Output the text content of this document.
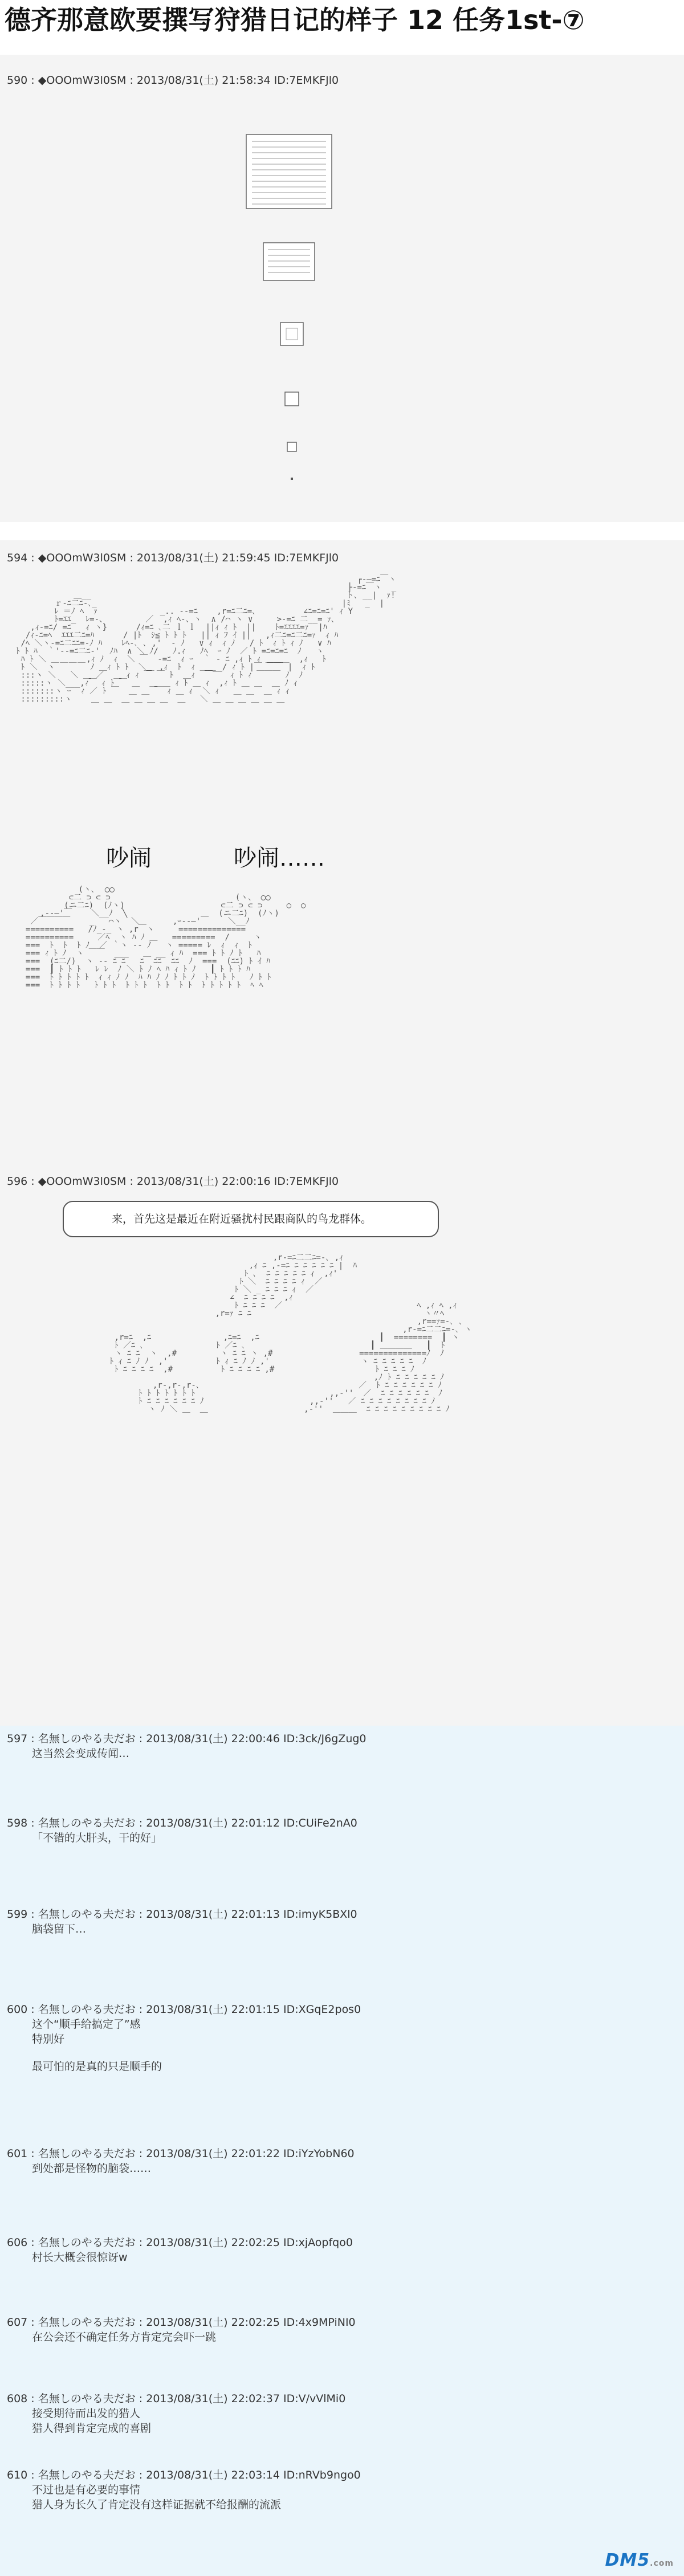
德齐那意欧要撰写狩猎日记的样子 12 任务1st-⑦
590 : ◆OOOmW3l0SM : 2013/08/31(土) 21:58:34 ID:7EMKFJl0
594 : ◆OOOmW3l0SM : 2013/08/31(土) 21:59:45 ID:7EMKFJl0
┌-―=ﾆ￣ヽ
├-=ﾆ￣ヽ  _
＿__                                                     ト､ __|  ｧ!
ｒ-ﾆ二ﾆ-､_                                                   |ﾐ   _  |
ﾚ ＝ﾉ ﾍ  ｧ             _.. -‐=ﾆ    ,r=ﾆ二ﾆ=、         ∠ﾆ=ﾆ=ﾆ' ｨ Y
ﾄ=ｴｴ_  ﾚ=-、        ／  ,ｨ ﾍ‐、ヽ  ∧ /⌒ ヽ ∨     >-=ﾆ 二__= ｧ､
,ｨ-=ﾆ/ =ﾆ   ｨ ヽ}      /ｨ=ﾆ ､二 ｌ ｌ  ||ｨ ｨ ﾄ  ||    ﾄ=ｴｴｴｴ=ｧ  |ﾊ
/ｨ-ﾆ=ﾍ  ｴｴｴ二ﾆ=ﾊ      / |ﾄ  ｼ≦ ﾄ ﾄ ﾄ   || ｨ ﾌ ｲ ||   ,ｨ二ﾆ=ﾆ二ﾆ=ｧ  ｨ ﾊ
/ﾍ ＼ヽ-=ﾆ二ﾆﾆ=-ﾉ ﾊ    ﾚﾍ-､ ､ ,'  ‐ ﾉ   ∨ ｨ  ｨ ﾉ   / ﾄ  ｨ ﾄ ｨ ﾉ   ∨ ﾊ
ﾄ ﾄ ﾊ  ｀'‐-=ﾆ二ﾆ-'  ﾉﾊ  ∧ ＼ ﾉ/   ﾉ.ｨ   ﾉﾍ  ｰ ﾉ  ／ ﾄ =ﾆ=ﾆ=ﾆ  ﾉ   ヽ
ﾊ ﾄ ＼ ＿  ＿  ,ｨ ﾉ  ｨ  ＼ ￣  -=ﾆ  ｨ ｰ  ｀ - ﾆ ,ｨ ﾄ ｨ ＿＿＿  ,ｨ   ﾄ
ﾄ ＼  ヽ ￣  ￣ ﾉ ＿ｨ ﾄ ﾄ  ＼＿ ,ｨ  ﾄ  ｨ  ＿__/ ｨ ﾄ |￣ ￣￣ |  ｨ ﾄ
:::ヽ ＼   ＼ ＿ ／  ＿ ｨ ｨ ￣ ￣ ﾄ  ＿ｨ ￣￣   ｨ ﾄ ｨ ￣￣￣ ﾉ  ﾉ
:::::ヽ ＼___,ｨ￣ ｨ ﾄ ￣ ＿  ＿ ＿ ｨ ﾄ ＿ ｨ  ,ｨ ﾄ ＿ ＿  ＿ ﾉ ｨ
:::::::ヽ ｰ  ｨ ／ ﾄ ￣  ＿ ＿ ￣ ｨ ＿ ｨ  ＼ ｨ   ＿ ＿  ＿ ｨ ｨ
:::::::::ヽ    ＿ ＿  ＿ ＿ ＿ ＿  ＿   ＼ ＿ ＿ ＿ ＿ ＿ ＿

吵闹	吵闹……
(ヽ､  ◯◯
⊂二 ⊃ ⊂ ⊃                          (ヽ、 ◯◯
(ニ二ﾆ)  (ﾉヽ)                    ⊂二 ⊃ ⊂ ⊃     ○  ○
,--―'￣    ＼__ﾉ  ╲                   (ニ二ﾆ)  (ﾉヽ)
／￣￣￣￣    _   ⌒ヽ  ＼       ,ｰ‐-―'￣    ＼__ﾉ
==========   /ﾉ_-_ ヽ ,r￣ヽ     ==============
==========     ／ﾍ  ヽ ﾊ ﾉ ＿   =========  /     ヽ
===  ﾄ  ﾄ  ﾄ ﾉ  ／ ｀ヽ -‐ ﾉ   ヽ ===== ﾚ  ｨ  ｨ  ﾄ
=== ｨ ﾄ ﾉ  ヽ ￣￣  ___   ＿ __ ｨ ﾊ  === ﾄ ﾄ ﾉ ﾄ   ﾊ
===  (ﾆ二/)  ヽ -‐ ﾆ ﾆ   ﾆ  ﾆﾆ  ﾆﾆ  ﾉ  ===  (ﾆﾆ) ﾄ ｲ ﾊ
===  ┃ ﾄ ﾄ ﾄ   ﾚ ﾚ  ﾉ ＼ ﾄ ﾉ ﾍ ﾊ ｨ ﾄ ﾉ   ┃ ﾄ ﾄ ﾄ ﾊ
===  ﾄ ﾄ ﾄ ﾄ ﾄ  ｨ ｨ ﾉ ﾉ  ﾊ ﾊ ﾉ ﾉ ﾄ ﾄ ﾉ  ﾄ ﾄ ﾄ ﾄ   ﾉ ﾄ ﾄ
===  ﾄ ﾄ ﾄ ﾄ   ﾄ ﾄ ﾄ  ﾄ ﾄ ﾄ  ﾄ ﾄ  ﾄ ﾄ  ﾄ ﾄ ﾄ ﾄ ﾄ  ﾍ ﾍ
596 : ◆OOOmW3l0SM : 2013/08/31(土) 22:00:16 ID:7EMKFJl0
来，首先这是最近在附近骚扰村民跟商队的鸟龙群体。
,r-=ﾆ二二ﾆ=-､ ,ｨ
,ｨ ﾆ ,-=ﾆ ﾆ ﾆ ﾆ ﾆ ﾆ |  ﾊ
ﾄ ､  ﾆ ﾆ ﾆ ﾆ ﾆ ｨ  ,ｨ'
ﾄ ＼  ﾆ ﾆ ﾆ ﾆ ｨ  ／
ﾄ ＼ _ ﾆ ﾆ ﾆ ｨ  ／
∠  ﾆ ﾆ ﾆ ﾆ  ,ｨ
ﾄ ﾆ ﾆ ﾆ  ／                            ﾍ ,ｨ ﾍ ,ｨ
,r=ｧ ﾆ ﾆ                                    ヽ〃ﾍ
,r==ｧ=-､ ､
,r-=ﾆ二二ﾆ=-､ ヽ
,r=ﾆ  ,ﾆ               ,ﾆ=ﾆ  ,ﾆ                         ┃  ========  ┃ ヽ
ﾄ ／ﾆ ､               ﾄ ／ﾆ ､                          ┃ ＿＿＿＿   ┃  ﾄ
ヽ ﾆ ﾆ  ヽ  ,#         ヽ ﾆ ﾆ ヽ ,#                  ==============ﾉ  ﾉ
ﾄ ｨ ﾆ ﾉ ﾉ  ,'          ﾄ ｨ ﾆ ﾉ ﾉ ,'                   ヽ ﾆ ﾆ ﾆ ﾆ ﾆ  ﾉ
ﾄ ﾆ ﾆ ﾆ ﾆ  ,#          ﾄ ﾆ ﾆ ﾆ ﾆ ,#                     ﾄ ﾆ ﾆ ﾆ ﾉ
,ﾉ ﾄ ﾆ ﾆ ﾆ ﾆ ﾆ ﾉ
,r-,r-,r-､                                 ／  ﾄ ﾆ ﾆ ﾆ ﾆ ﾆ ﾆ ﾉ
ﾄ ﾄ ﾄ ﾄ ﾄ ﾄ ﾄ                            ,,-''  ／  ﾆ ﾆ ﾆ ﾆ ﾆ ﾆ  ﾉ
ﾄ ﾆ ﾆ ﾆ ﾆ ﾆ ﾆ ﾉ                      ,,-''   ／ ﾆ ﾆ ﾆ ﾆ ﾆ ﾆ ﾆ ﾆ ﾉ
ヽ ﾉ ＼ ＿  ＿                    ,-''  ＿＿＿  ﾆ ﾆ ﾆ ﾆ ﾆ ﾆ ﾆ ﾆ ﾆ ﾉ
597 : 名無しのやる夫だお : 2013/08/31(土) 22:00:46 ID:3ck/J6gZug0
这当然会变成传闻…
598 : 名無しのやる夫だお : 2013/08/31(土) 22:01:12 ID:CUiFe2nA0
「不错的大肝头，干的好」
599 : 名無しのやる夫だお : 2013/08/31(土) 22:01:13 ID:imyK5BXl0
脑袋留下…
600 : 名無しのやる夫だお : 2013/08/31(土) 22:01:15 ID:XGqE2pos0
这个“顺手给搞定了”感
特别好
最可怕的是真的只是顺手的
601 : 名無しのやる夫だお : 2013/08/31(土) 22:01:22 ID:iYzYobN60
到处都是怪物的脑袋……
606 : 名無しのやる夫だお : 2013/08/31(土) 22:02:25 ID:xjAopfqo0
村长大概会很惊讶w
607 : 名無しのやる夫だお : 2013/08/31(土) 22:02:25 ID:4x9MPiNI0
在公会还不确定任务方肯定完会吓一跳
608 : 名無しのやる夫だお : 2013/08/31(土) 22:02:37 ID:V/vVlMi0
接受期待而出发的猎人
猎人得到肯定完成的喜剧
610 : 名無しのやる夫だお : 2013/08/31(土) 22:03:14 ID:nRVb9ngo0
不过也是有必要的事情
猎人身为长久了肯定没有这样证据就不给报酬的流派
DM5.com
